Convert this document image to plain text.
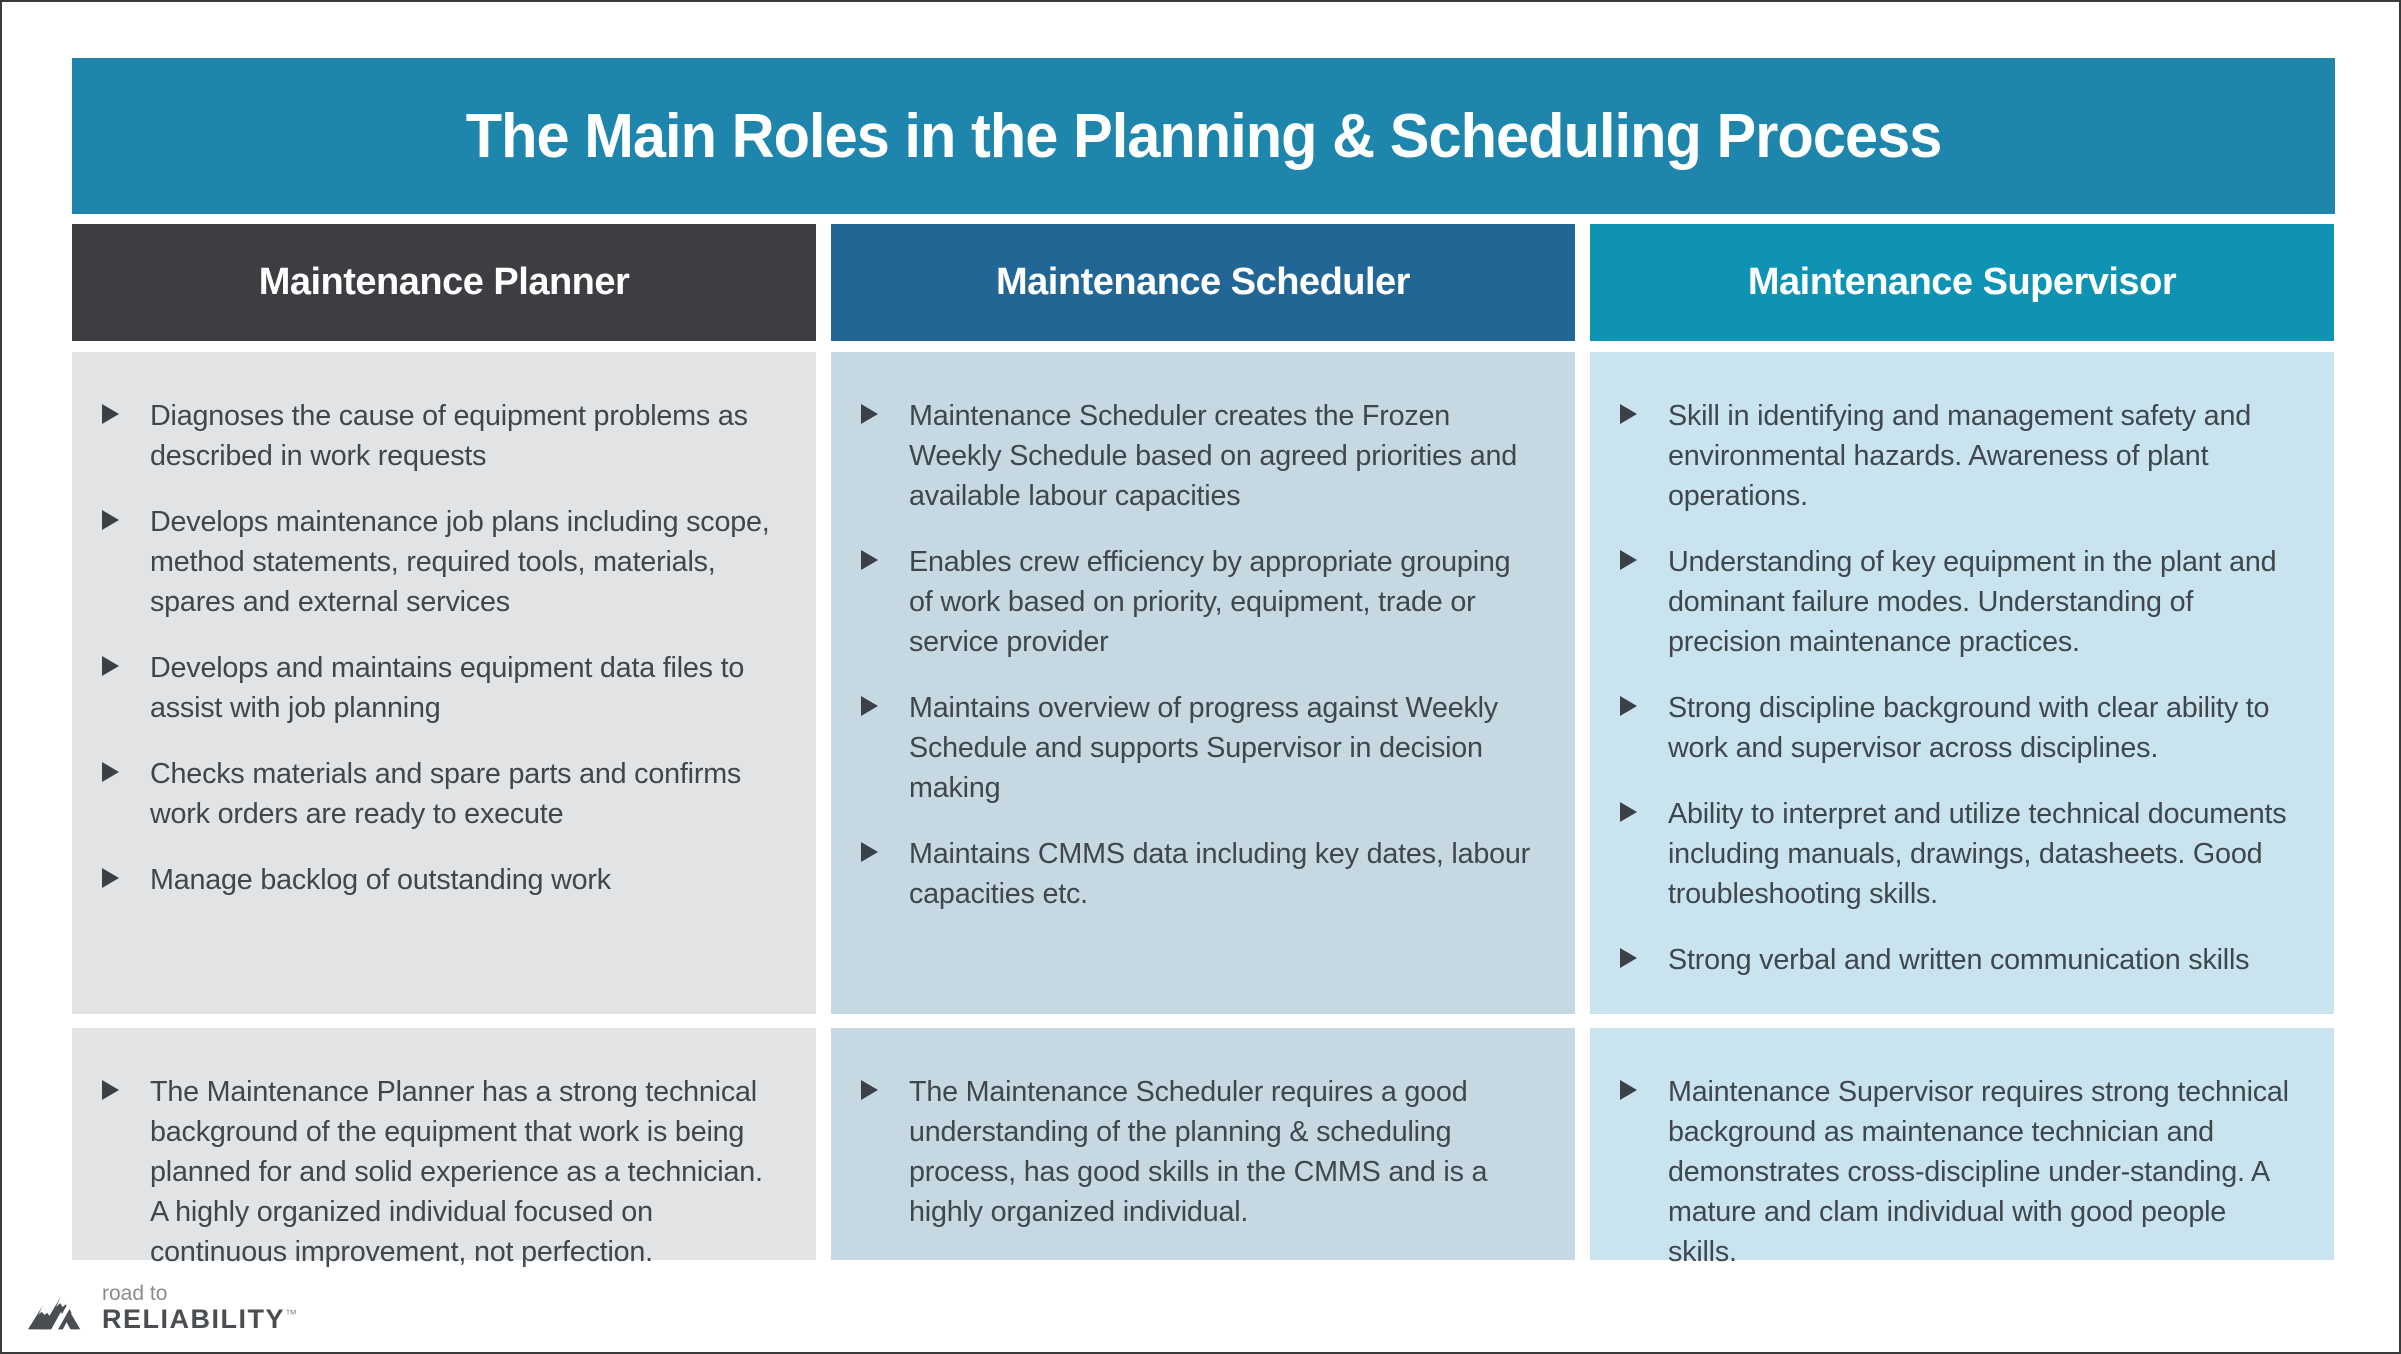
The Main Roles in the Planning & Scheduling Process
Maintenance Planner
Diagnoses the cause of equipment problems as described in work requests
Develops maintenance job plans including scope, method statements, required tools, materials, spares and external services
Develops and maintains equipment data files to assist with job planning
Checks materials and spare parts and confirms work orders are ready to execute
Manage backlog of outstanding work
The Maintenance Planner has a strong technical background of the equipment that work is being planned for and solid experience as a technician. A highly organized individual focused on continuous improvement, not perfection.
Maintenance Scheduler
Maintenance Scheduler creates the Frozen Weekly Schedule based on agreed priorities and available labour capacities
Enables crew efficiency by appropriate grouping of work based on priority, equipment, trade or service provider
Maintains overview of progress against Weekly Schedule and supports Supervisor in decision making
Maintains CMMS data including key dates, labour capacities etc.
The Maintenance Scheduler requires a good understanding of the planning & scheduling process, has good skills in the CMMS and is a highly organized individual.
Maintenance Supervisor
Skill in identifying and management safety and environmental hazards. Awareness of plant operations.
Understanding of key equipment in the plant and dominant failure modes. Understanding of precision maintenance practices.
Strong discipline background with clear ability to work and supervisor across disciplines.
Ability to interpret and utilize technical documents including manuals, drawings, datasheets. Good troubleshooting skills.
Strong verbal and written communication skills
Maintenance Supervisor requires strong technical background as maintenance technician and demonstrates cross-discipline under-standing. A mature and clam individual with good people skills.
road to
RELIABILITY™
